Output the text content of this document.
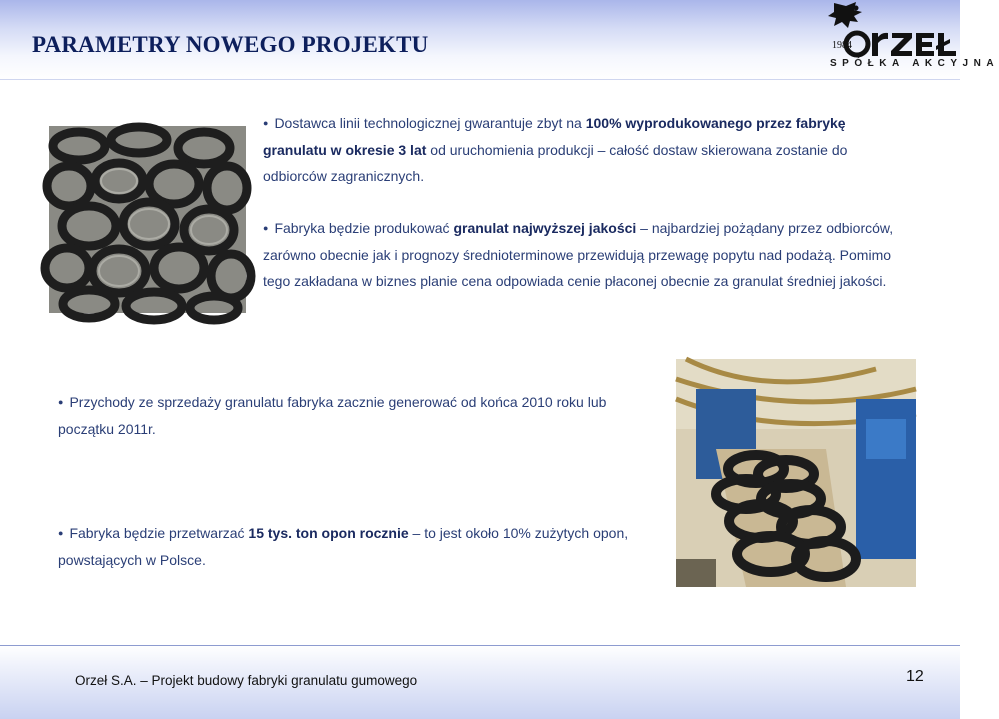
PARAMETRY NOWEGO PROJEKTU	1984
SPÓŁKA AKCYJNA

● Dostawca linii technologicznej gwarantuje zbyt na 100% wyprodukowanego przez fabrykę granulatu w okresie 3 lat od uruchomienia produkcji – całość dostaw skierowana zostanie do odbiorców zagranicznych.

● Fabryka będzie produkować granulat najwyższej jakości – najbardziej pożądany przez odbiorców, zarówno obecnie jak i prognozy średnioterminowe przewidują przewagę popytu nad podażą. Pomimo tego zakładana w biznes planie cena odpowiada cenie płaconej obecnie za granulat średniej jakości.

● Przychody ze sprzedaży granulatu fabryka zacznie generować od końca 2010 roku lub początku 2011r.

● Fabryka będzie przetwarzać 15 tys. ton opon rocznie – to jest około 10% zużytych opon, powstających w Polsce.

Orzeł S.A. – Projekt budowy fabryki granulatu gumowego	12
